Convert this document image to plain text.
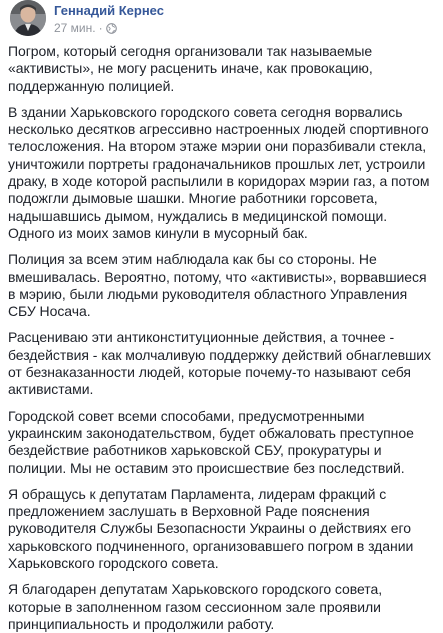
Геннадий Кернес
27 мин. ·

Погром, который сегодня организовали так называемые «активисты», не могу расценить иначе, как провокацию, поддержанную полицией.

В здании Харьковского городского совета сегодня ворвались несколько десятков агрессивно настроенных людей спортивного телосложения. На втором этаже мэрии они поразбивали стекла, уничтожили портреты градоначальников прошлых лет, устроили драку, в ходе которой распылили в коридорах мэрии газ, а потом подожгли дымовые шашки. Многие работники горсовета, надышавшись дымом, нуждались в медицинской помощи. Одного из моих замов кинули в мусорный бак.

Полиция за всем этим наблюдала как бы со стороны. Не вмешивалась. Вероятно, потому, что «активисты», ворвавшиеся в мэрию, были людьми руководителя областного Управления СБУ Носача.

Расцениваю эти антиконституционные действия, а точнее - бездействия - как молчаливую поддержку действий обнаглевших от безнаказанности людей, которые почему-то называют себя активистами.

Городской совет всеми способами, предусмотренными украинским законодательством, будет обжаловать преступное бездействие работников харьковской СБУ, прокуратуры и полиции. Мы не оставим это происшествие без последствий.

Я обращусь к депутатам Парламента, лидерам фракций с предложением заслушать в Верховной Раде пояснения руководителя Службы Безопасности Украины о действиях его харьковского подчиненного, организовавшего погром в здании Харьковского городского совета.

Я благодарен депутатам Харьковского городского совета, которые в заполненном газом сессионном зале проявили принципиальность и продолжили работу.
